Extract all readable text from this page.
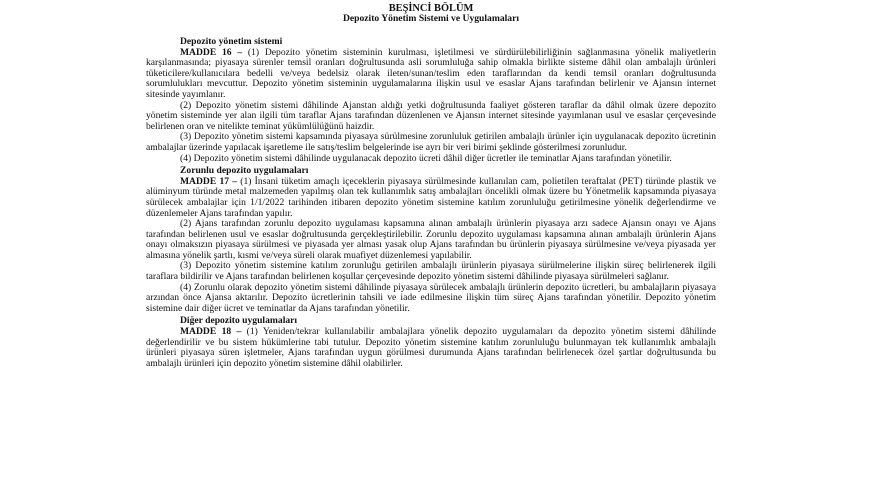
BEŞİNCİ BÖLÜM
Depozito Yönetim Sistemi ve Uygulamaları
Depozito yönetim sistemi

MADDE 16 – (1) Depozito yönetim sisteminin kurulması, işletilmesi ve sürdürülebilirliğinin sağlanmasına yönelik maliyetlerin karşılanmasında; piyasaya sürenler temsil oranları doğrultusunda asli sorumluluğa sahip olmakla birlikte sisteme dâhil olan ambalajlı ürünleri tüketicilere/kullanıcılara bedelli ve/veya bedelsiz olarak ileten/sunan/teslim eden taraflarından da kendi temsil oranları doğrultusunda sorumlulukları mevcuttur. Depozito yönetim sisteminin uygulamalarına ilişkin usul ve esaslar Ajans tarafından belirlenir ve Ajansın internet sitesinde yayımlanır.

(2) Depozito yönetim sistemi dâhilinde Ajanstan aldığı yetki doğrultusunda faaliyet gösteren taraflar da dâhil olmak üzere depozito yönetim sisteminde yer alan ilgili tüm taraflar Ajans tarafından düzenlenen ve Ajansın internet sitesinde yayımlanan usul ve esaslar çerçevesinde belirlenen oran ve nitelikte teminat yükümlülüğünü haizdir.

(3) Depozito yönetim sistemi kapsamında piyasaya sürülmesine zorunluluk getirilen ambalajlı ürünler için uygulanacak depozito ücretinin ambalajlar üzerinde yapılacak işaretleme ile satış/teslim belgelerinde ise ayrı bir veri birimi şeklinde gösterilmesi zorunludur.

(4) Depozito yönetim sistemi dâhilinde uygulanacak depozito ücreti dâhil diğer ücretler ile teminatlar Ajans tarafından yönetilir.

Zorunlu depozito uygulamaları

MADDE 17 – (1) İnsani tüketim amaçlı içeceklerin piyasaya sürülmesinde kullanılan cam, polietilen teraftalat (PET) türünde plastik ve alüminyum türünde metal malzemeden yapılmış olan tek kullanımlık satış ambalajları öncelikli olmak üzere bu Yönetmelik kapsamında piyasaya sürülecek ambalajlar için 1/1/2022 tarihinden itibaren depozito yönetim sistemine katılım zorunluluğu getirilmesine yönelik değerlendirme ve düzenlemeler Ajans tarafından yapılır.

(2) Ajans tarafından zorunlu depozito uygulaması kapsamına alınan ambalajlı ürünlerin piyasaya arzı sadece Ajansın onayı ve Ajans tarafından belirlenen usul ve esaslar doğrultusunda gerçekleştirilebilir. Zorunlu depozito uygulaması kapsamına alınan ambalajlı ürünlerin Ajans onayı olmaksızın piyasaya sürülmesi ve piyasada yer alması yasak olup Ajans tarafından bu ürünlerin piyasaya sürülmesine ve/veya piyasada yer almasına yönelik şartlı, kısmi ve/veya süreli olarak muafiyet düzenlemesi yapılabilir.

(3) Depozito yönetim sistemine katılım zorunluğu getirilen ambalajlı ürünlerin piyasaya sürülmelerine ilişkin süreç belirlenerek ilgili taraflara bildirilir ve Ajans tarafından belirlenen koşullar çerçevesinde depozito yönetim sistemi dâhilinde piyasaya sürülmeleri sağlanır.

(4) Zorunlu olarak depozito yönetim sistemi dâhilinde piyasaya sürülecek ambalajlı ürünlerin depozito ücretleri, bu ambalajların piyasaya arzından önce Ajansa aktarılır. Depozito ücretlerinin tahsili ve iade edilmesine ilişkin tüm süreç Ajans tarafından yönetilir. Depozito yönetim sistemine dair diğer ücret ve teminatlar da Ajans tarafından yönetilir.

Diğer depozito uygulamaları

MADDE 18 – (1) Yeniden/tekrar kullanılabilir ambalajlara yönelik depozito uygulamaları da depozito yönetim sistemi dâhilinde değerlendirilir ve bu sistem hükümlerine tabi tutulur. Depozito yönetim sistemine katılım zorunluluğu bulunmayan tek kullanımlık ambalajlı ürünleri piyasaya süren işletmeler, Ajans tarafından uygun görülmesi durumunda Ajans tarafından belirlenecek özel şartlar doğrultusunda bu ambalajlı ürünleri için depozito yönetim sistemine dâhil olabilirler.
